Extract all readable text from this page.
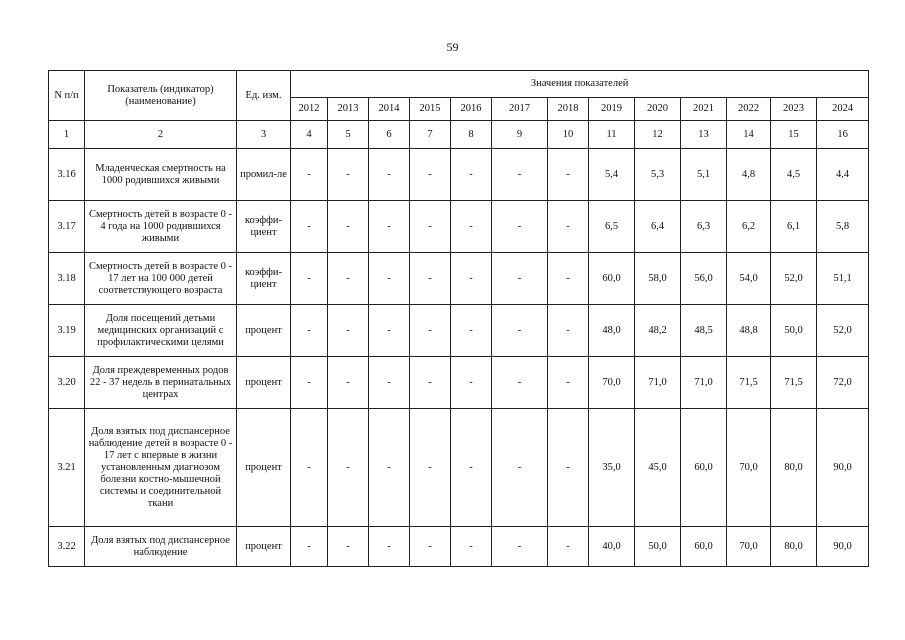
59
N п/п	Показатель (индикатор) (наименование)	Ед. изм.	Значения показателей												
			2012	2013	2014	2015	2016	2017	2018	2019	2020	2021	2022	2023	2024
1	2	3	4	5	6	7	8	9	10	11	12	13	14	15	16
3.16	Младенческая смертность на 1000 родившихся живыми	промил-ле	-	-	-	-	-	-	-	5,4	5,3	5,1	4,8	4,5	4,4
3.17	Смертность детей в возрасте 0 - 4 года на 1000 родившихся живыми	коэффи-циент	-	-	-	-	-	-	-	6,5	6,4	6,3	6,2	6,1	5,8
3.18	Смертность детей в возрасте 0 - 17 лет на 100 000 детей соответствующего возраста	коэффи-циент	-	-	-	-	-	-	-	60,0	58,0	56,0	54,0	52,0	51,1
3.19	Доля посещений детьми медицинских организаций с профилактическими целями	процент	-	-	-	-	-	-	-	48,0	48,2	48,5	48,8	50,0	52,0
3.20	Доля преждевременных родов 22 - 37 недель в перинатальных центрах	процент	-	-	-	-	-	-	-	70,0	71,0	71,0	71,5	71,5	72,0
3.21	Доля взятых под диспансерное наблюдение детей в возрасте 0 - 17 лет с впервые в жизни установленным диагнозом болезни костно-мышечной системы и соединительной ткани	процент	-	-	-	-	-	-	-	35,0	45,0	60,0	70,0	80,0	90,0
3.22	Доля взятых под диспансерное наблюдение	процент	-	-	-	-	-	-	-	40,0	50,0	60,0	70,0	80,0	90,0
